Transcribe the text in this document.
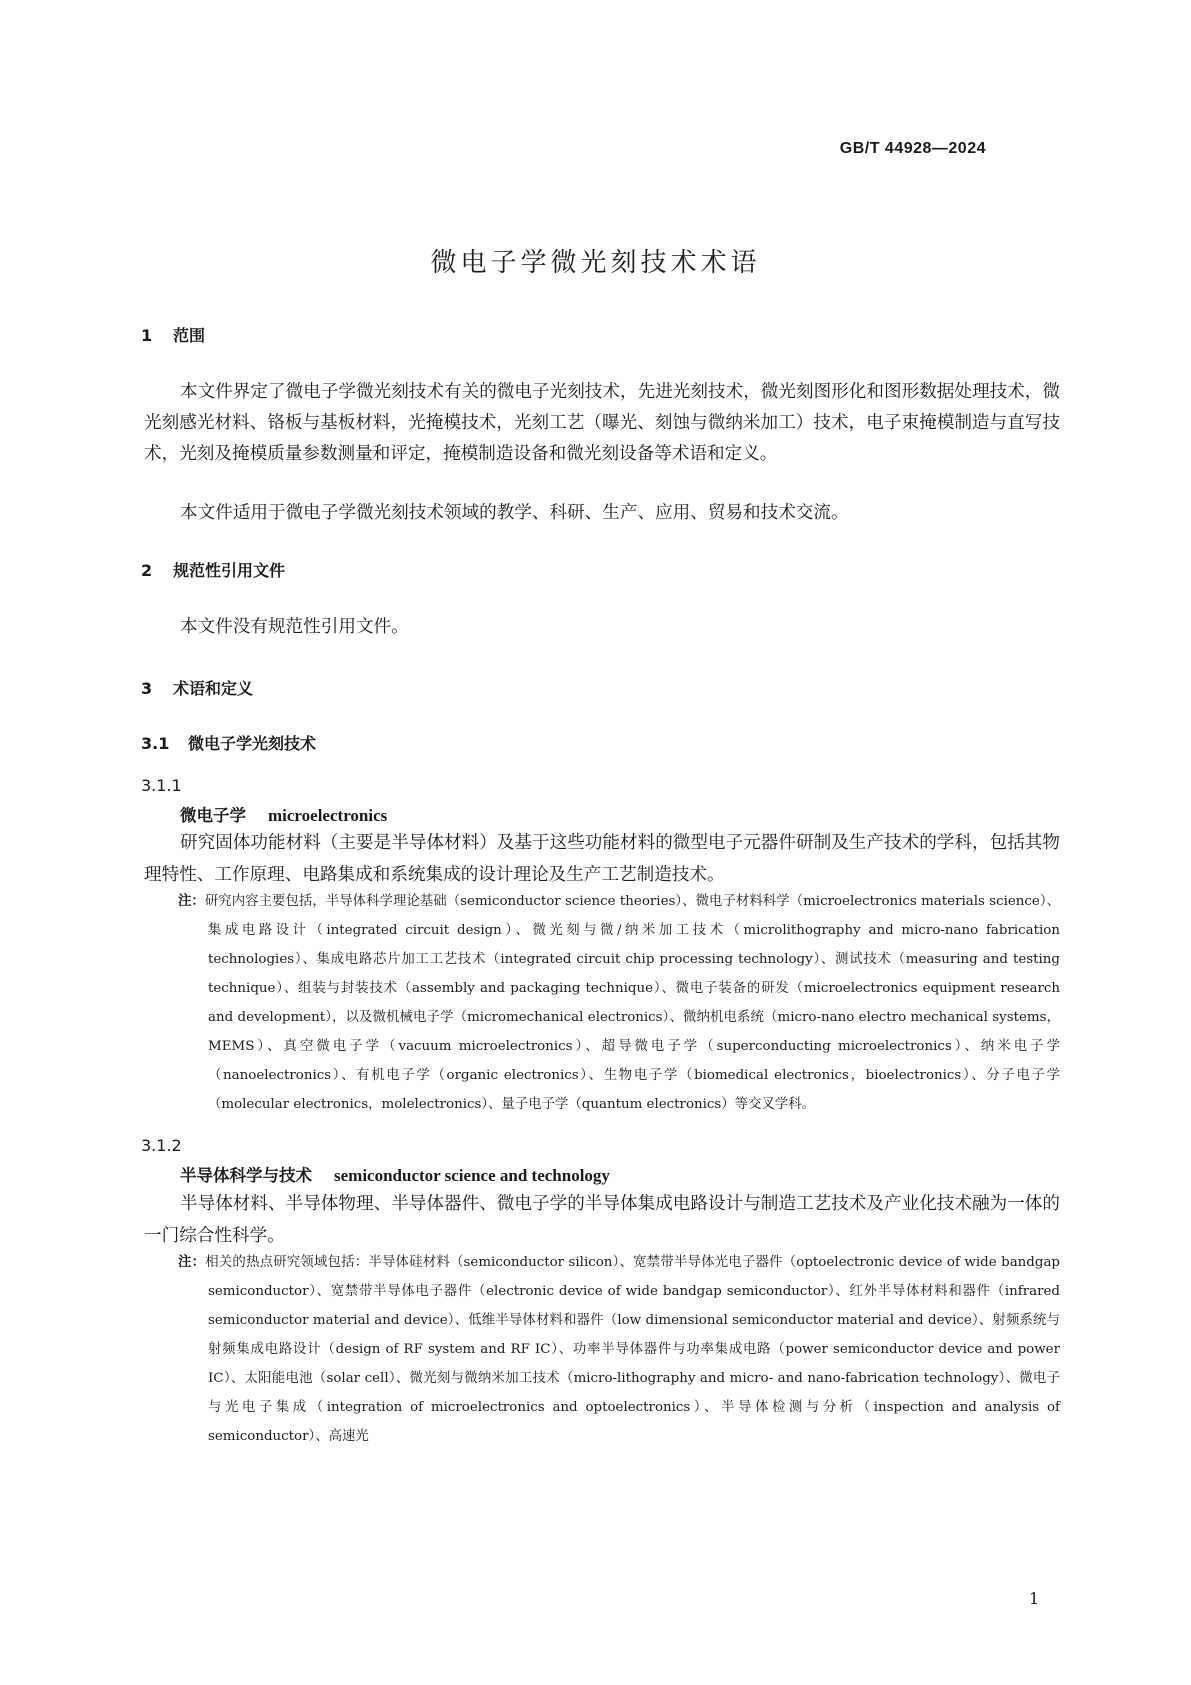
GB/T 44928—2024
微电子学微光刻技术术语
1 范围

本文件界定了微电子学微光刻技术有关的微电子光刻技术，先进光刻技术，微光刻图形化和图形数据处理技术，微光刻感光材料、铬板与基板材料，光掩模技术，光刻工艺（曝光、刻蚀与微纳米加工）技术，电子束掩模制造与直写技术，光刻及掩模质量参数测量和评定，掩模制造设备和微光刻设备等术语和定义。

本文件适用于微电子学微光刻技术领域的教学、科研、生产、应用、贸易和技术交流。

2 规范性引用文件

本文件没有规范性引用文件。

3 术语和定义
3.1 微电子学光刻技术
3.1.1
微电子学 microelectronics

研究固体功能材料（主要是半导体材料）及基于这些功能材料的微型电子元器件研制及生产技术的学科，包括其物理特性、工作原理、电路集成和系统集成的设计理论及生产工艺制造技术。

注：研究内容主要包括，半导体科学理论基础（semiconductor science theories）、微电子材料科学（microelectronics materials science）、集成电路设计（integrated circuit design）、微光刻与微/纳米加工技术（microlithography and micro-nano fabrication technologies）、集成电路芯片加工工艺技术（integrated circuit chip processing technology）、测试技术（measuring and testing technique）、组装与封装技术（assembly and packaging technique）、微电子装备的研发（microelectronics equipment research and development），以及微机械电子学（micromechanical electronics）、微纳机电系统（micro-nano electro mechanical systems，MEMS）、真空微电子学（vacuum microelectronics）、超导微电子学（superconducting microelectronics）、纳米电子学（nanoelectronics）、有机电子学（organic electronics）、生物电子学（biomedical electronics，bioelectronics）、分子电子学（molecular electronics，molelectronics）、量子电子学（quantum electronics）等交叉学科。

3.1.2
半导体科学与技术 semiconductor science and technology

半导体材料、半导体物理、半导体器件、微电子学的半导体集成电路设计与制造工艺技术及产业化技术融为一体的一门综合性科学。

注：相关的热点研究领域包括：半导体硅材料（semiconductor silicon）、宽禁带半导体光电子器件（optoelectronic device of wide bandgap semiconductor）、宽禁带半导体电子器件（electronic device of wide bandgap semiconductor）、红外半导体材料和器件（infrared semiconductor material and device）、低维半导体材料和器件（low dimensional semiconductor material and device）、射频系统与射频集成电路设计（design of RF system and RF IC）、功率半导体器件与功率集成电路（power semiconductor device and power IC）、太阳能电池（solar cell）、微光刻与微纳米加工技术（micro-lithography and micro- and nano-fabrication technology）、微电子与光电子集成（integration of microelectronics and optoelectronics）、半导体检测与分析（inspection and analysis of semiconductor）、高速光

1
